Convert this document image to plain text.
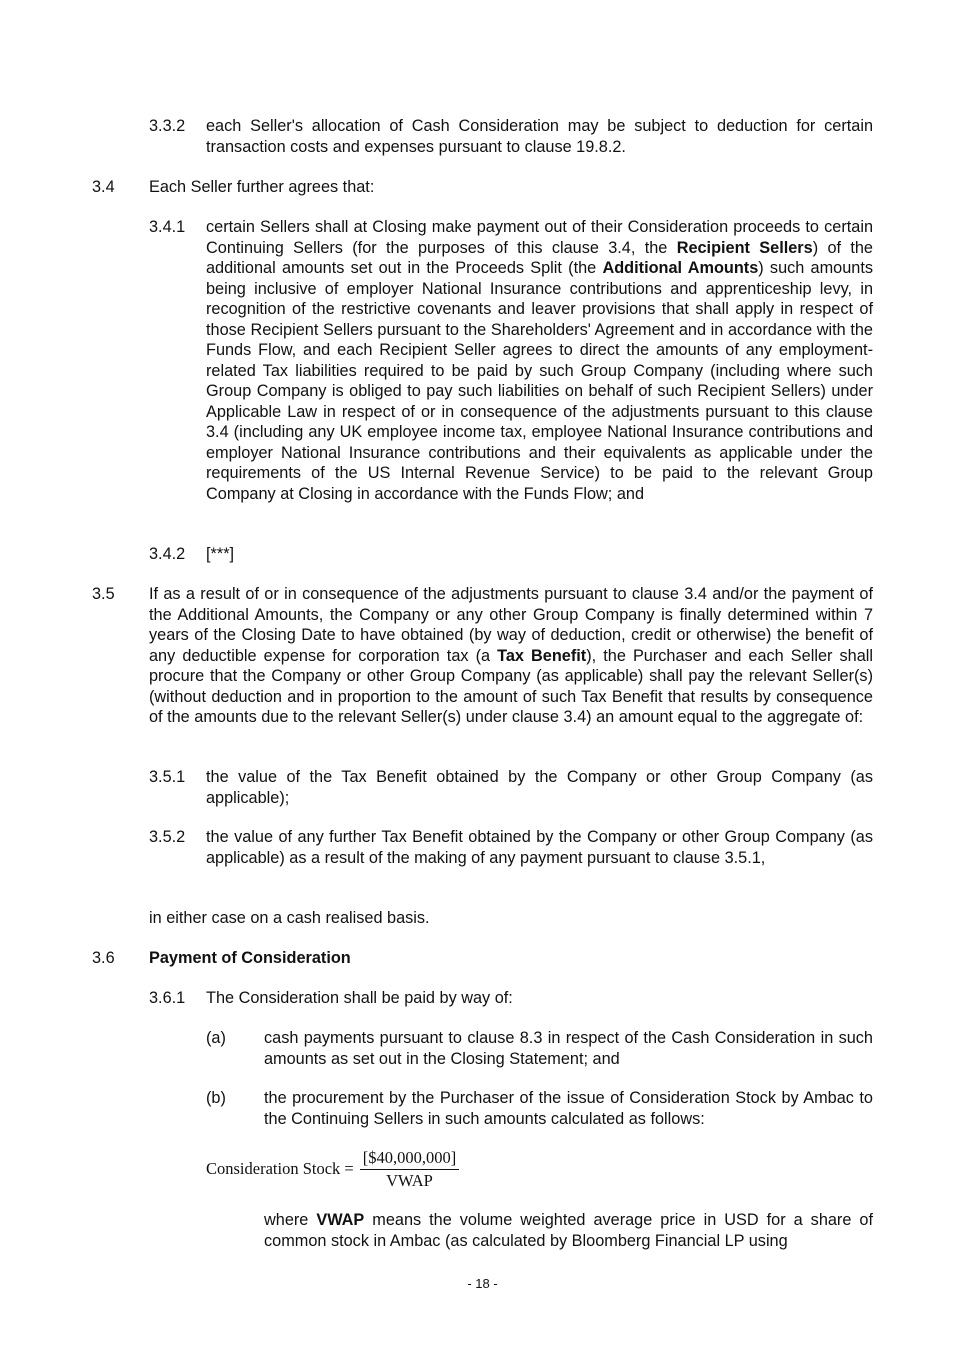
3.3.2 each Seller's allocation of Cash Consideration may be subject to deduction for certain transaction costs and expenses pursuant to clause 19.8.2.

3.4 Each Seller further agrees that:

3.4.1 certain Sellers shall at Closing make payment out of their Consideration proceeds to certain Continuing Sellers (for the purposes of this clause 3.4, the Recipient Sellers) of the additional amounts set out in the Proceeds Split (the Additional Amounts) such amounts being inclusive of employer National Insurance contributions and apprenticeship levy, in recognition of the restrictive covenants and leaver provisions that shall apply in respect of those Recipient Sellers pursuant to the Shareholders' Agreement and in accordance with the Funds Flow, and each Recipient Seller agrees to direct the amounts of any employment-related Tax liabilities required to be paid by such Group Company (including where such Group Company is obliged to pay such liabilities on behalf of such Recipient Sellers) under Applicable Law in respect of or in consequence of the adjustments pursuant to this clause 3.4 (including any UK employee income tax, employee National Insurance contributions and employer National Insurance contributions and their equivalents as applicable under the requirements of the US Internal Revenue Service) to be paid to the relevant Group Company at Closing in accordance with the Funds Flow; and

3.4.2 [***]

3.5 If as a result of or in consequence of the adjustments pursuant to clause 3.4 and/or the payment of the Additional Amounts, the Company or any other Group Company is finally determined within 7 years of the Closing Date to have obtained (by way of deduction, credit or otherwise) the benefit of any deductible expense for corporation tax (a Tax Benefit), the Purchaser and each Seller shall procure that the Company or other Group Company (as applicable) shall pay the relevant Seller(s) (without deduction and in proportion to the amount of such Tax Benefit that results by consequence of the amounts due to the relevant Seller(s) under clause 3.4) an amount equal to the aggregate of:

3.5.1 the value of the Tax Benefit obtained by the Company or other Group Company (as applicable);

3.5.2 the value of any further Tax Benefit obtained by the Company or other Group Company (as applicable) as a result of the making of any payment pursuant to clause 3.5.1,

in either case on a cash realised basis.

3.6 Payment of Consideration

3.6.1 The Consideration shall be paid by way of:

(a) cash payments pursuant to clause 8.3 in respect of the Cash Consideration in such amounts as set out in the Closing Statement; and

(b) the procurement by the Purchaser of the issue of Consideration Stock by Ambac to the Continuing Sellers in such amounts calculated as follows:

Consideration Stock = $\frac{[\$40,000,000]}{\text{VWAP}}$

where VWAP means the volume weighted average price in USD for a share of common stock in Ambac (as calculated by Bloomberg Financial LP using

- 18 -
